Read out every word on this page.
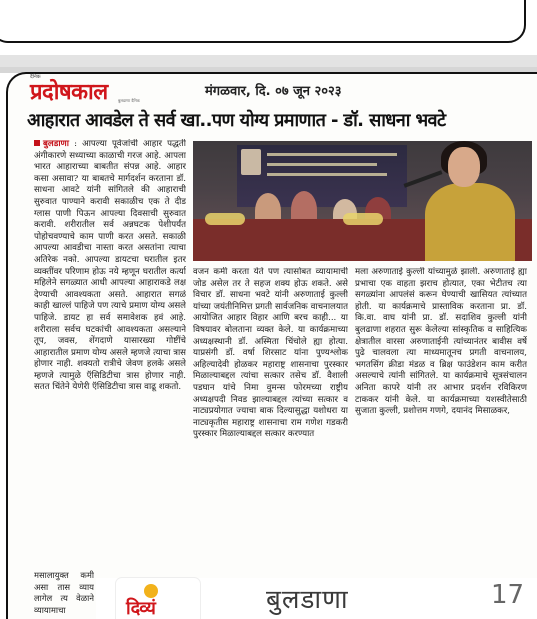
दैनिक
प्रदोषकाल	बुलडाणा दैनिक
मंगळवार, दि. ०७ जून २०२३
आहारात आवडेल ते सर्व खा..पण योग्य प्रमाणात - डॉ. साधना भवटे
बुलडाणा : आपल्या पूर्वजांची आहार पद्धती अंगीकारणे सध्याच्या काळाची गरज आहे. आपला भारत आहाराच्या बाबतीत संपन्न आहे. आहार कसा असावा? या बाबतचे मार्गदर्शन करताना डॉ. साधना आवटे यांनी सांगितले की आहाराची सुरुवात पाण्याने करावी सकाळीच एक ते दीड ग्लास पाणी पिऊन आपल्या दिवसाची सुरुवात करावी. शरीरातील सर्व अन्नघटक पेशीपर्यंत पोहोचवण्याचे काम पाणी करत असते. सकाळी आपल्या आवडीचा नास्ता करत असतांना त्याचा अतिरेक नको. आपल्या डायटचा घरातील इतर व्यक्तींवर परिणाम होऊ नये म्हणून घरातील कर्त्या महिलेने सगळ्यात आधी आपल्या आहाराकडे लक्ष देण्याची आवश्यकता असते. आहारात सगळं काही खाल्लं पाहिजे पण त्याचे प्रमाण योग्य असले पाहिजे. डायट हा सर्व समावेशक हवं आहे. शरीराला सर्वच घटकांची आवश्यकता असल्याने तूप, जवस, शेंगदाणे यासारख्या गोष्टींचे आहारातील प्रमाण योग्य असले म्हणजे त्याचा त्रास होणार नाही. शक्यतो रात्रीचे जेवण हलके असले म्हणजे त्यामुळे ऍसिडिटीचा त्रास होणार नाही. सतत चिंतेने येणेरी ऍसिडिटीचा त्रास वाढू शकतो.
मसालायुक्त कमी असा तास व्याय लागेल त्य वेळाने व्यायामाचा
वजन कमी करता येते पण त्यासोबत व्यायामाची जोड असेल तर ते सहज शक्य होऊ शकते. असे विचार डॉ. साधना भवटे यांनी अरुणाताई कुल्ली यांच्या जयंतीनिमित्त प्रगती सार्वजनिक वाचनालयात आयोजित आहार विहार आणि बरच काही... या विषयावर बोलताना व्यक्त केले. या कार्यक्रमाच्या अध्यक्षस्थानी डॉ. अस्मिता चिंचोले ह्या होत्या. याप्रसंगी डॉ. वर्षा शिरसाट यांना पुण्यश्लोक अहिल्यादेवी होळकर महाराष्ट्र शासनाचा पुरस्कार मिळाल्याबद्दल त्यांचा सत्कार तसेच डॉ. वैशाली पडघान यांचे निमा वुमन्स फोरमच्या राष्ट्रीय अध्यक्षपदी निवड झाल्याबद्दल त्यांच्या सत्कार व नाट्यप्रयोगात ज्याचा बाक दिल्यासुद्धा यशोधरा या नाट्यकृतीस महाराष्ट्र शासनाचा राम गणेश गडकरी पुरस्कार मिळाल्याबद्दल सत्कार करण्यात
मला अरुणाताई कुल्ली यांच्यामुळे झाली. अरुणाताई ह्या प्रभाचा एक वाहता झराच होत्यात, एका भेटीतच त्या सगळ्यांना आपलंसं करून घेण्याची खासियत त्यांच्यात होती. या कार्यक्रमाचे प्रास्ताविक करताना प्रा. डॉ. कि.वा. वाघ यांनी प्रा. डॉ. सदाशिव कुल्ली यांनी बुलढाणा शहरात सुरू केलेल्या सांस्कृतिक व साहित्यिक क्षेत्रातील वारसा अरुणाताईनी त्यांच्यानंतर बावीस वर्षे पुढे चालवला त्या माध्यमातूनच प्रगती वाचनालय, भगतसिंग क्रीडा मंडळ व ब्रिक्ष फाउंडेशन काम करीत असल्याचे त्यांनी सांगितले. या कार्यक्रमाचे सूत्रसंचालन अनिता कापरे यांनी तर आभार प्रदर्शन रविकिरण टाककर यांनी केले. या कार्यक्रमाच्या यशस्वीतेसाठी सुजाता कुल्ली, प्रशोत्तम गणगे, दयानंद मिसाळकर,
दिव्यं	बुलडाणा	17
